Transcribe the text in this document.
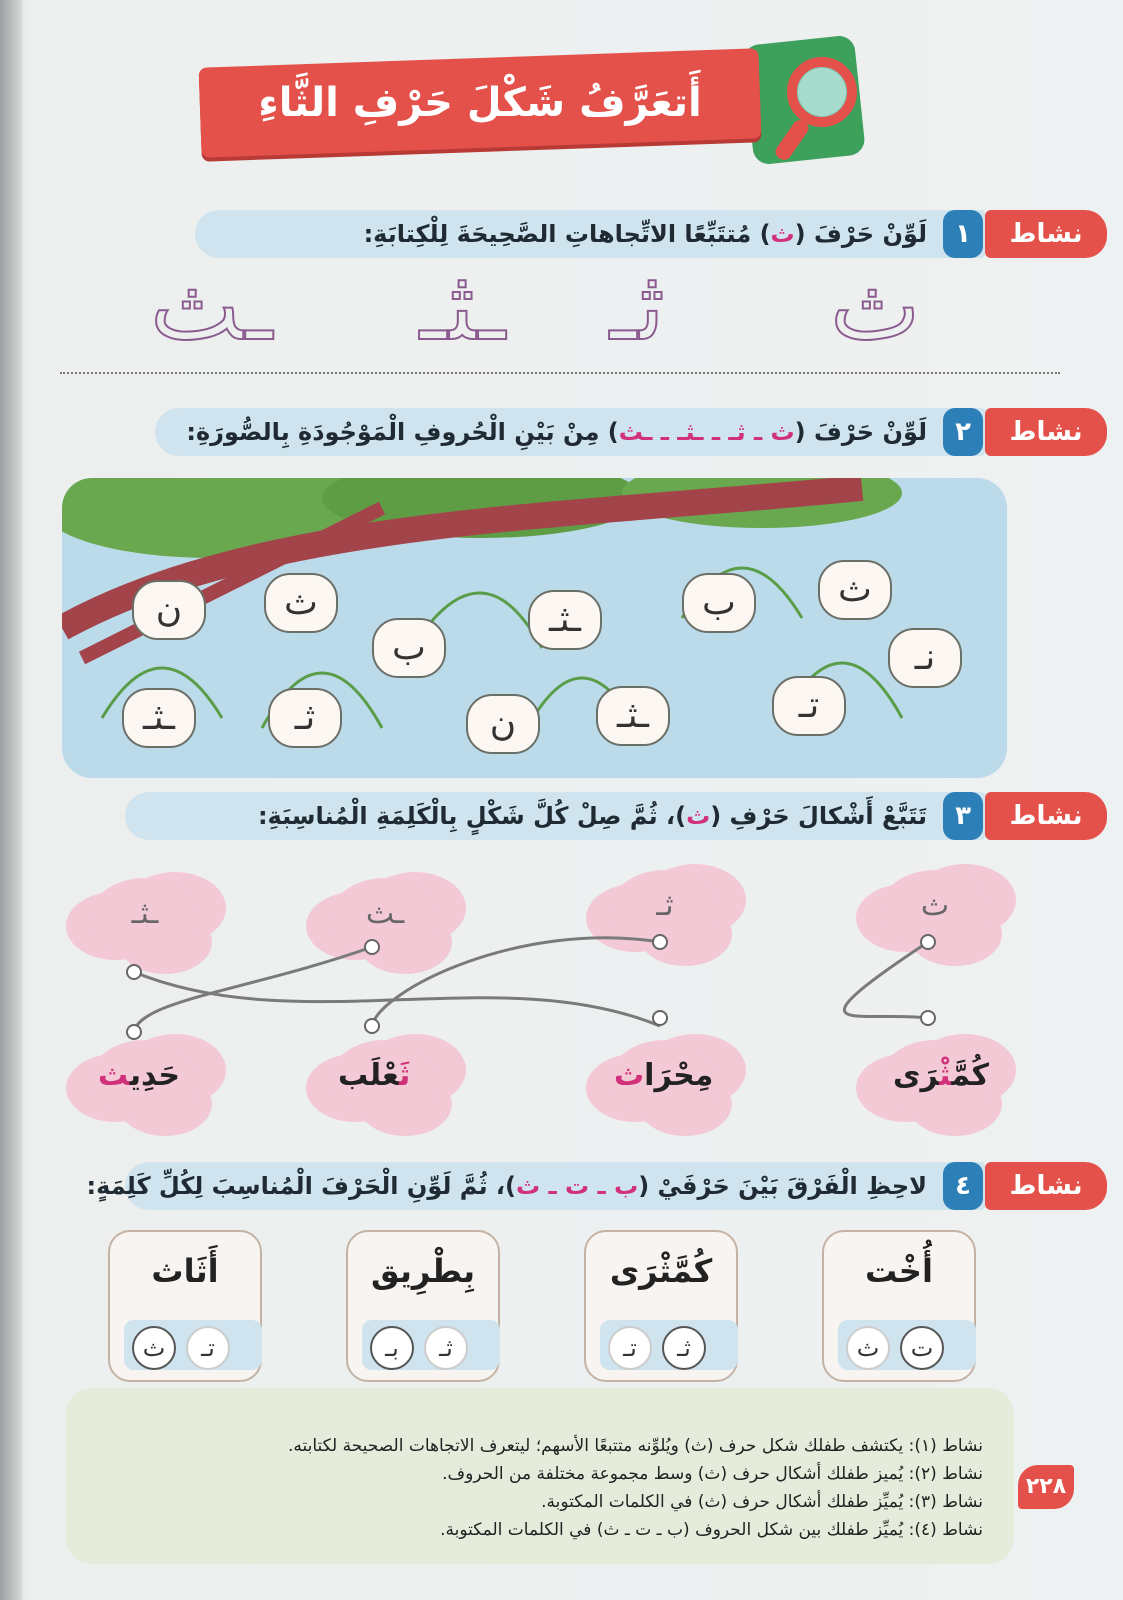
أَتعَرَّفُ شَكْلَ حَرْفِ الثَّاءِ
نشاط
١
لَوِّنْ حَرْفَ (ث) مُتتَبِّعًا الاتِّجاهاتِ الصَّحِيحَةَ لِلْكِتابَةِ:
ث
ثـ
ـثـ
ـث
نشاط
٢
لَوِّنْ حَرْفَ (ث ـ ثـ ـ ـثـ ـ ـث) مِنْ بَيْنِ الْحُروفِ الْمَوْجُودَةِ بِالصُّورَةِ:
ث
ب
ـثـ
ث
ن
نـ
تـ
ـثـ
ن
ب
ثـ
ـثـ
نشاط
٣
تَتَبَّعْ أَشْكالَ حَرْفِ (ث)، ثُمَّ صِلْ كُلَّ شَكْلٍ بِالْكَلِمَةِ الْمُناسِبَةِ:
ث
ثـ
ـث
ـثـ
كُمَّثْرَى
مِحْرَاث
ثَعْلَب
حَدِيث
نشاط
٤
لاحِظِ الْفَرْقَ بَيْنَ حَرْفَيْ (ب ـ ت ـ ث)، ثُمَّ لَوِّنِ الْحَرْفَ الْمُناسِبَ لِكُلِّ كَلِمَةٍ:
أُخْت
ث	ت
كُمَّثْرَى
ثـ
تـ
بِطْرِيق
ثـ
بـ
أَثَاث
تـ
ث
نشاط (١): يكتشف طفلك شكل حرف (ث) ويُلوِّنه متتبعًا الأسهم؛ ليتعرف الاتجاهات الصحيحة لكتابته.
نشاط (٢): يُميز طفلك أشكال حرف (ث) وسط مجموعة مختلفة من الحروف.
نشاط (٣): يُميِّز طفلك أشكال حرف (ث) في الكلمات المكتوبة.
نشاط (٤): يُميِّز طفلك بين شكل الحروف (ب ـ ت ـ ث) في الكلمات المكتوبة.
٢٢٨
